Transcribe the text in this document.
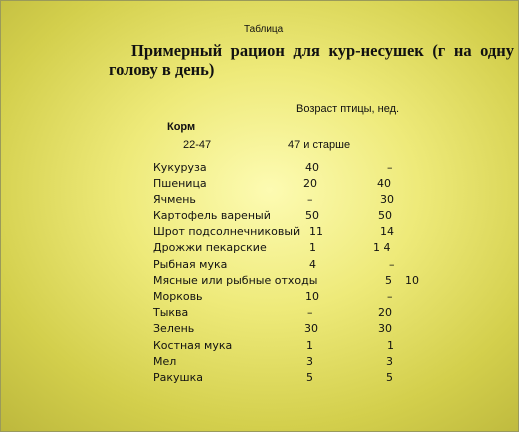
Таблица
Примерный рацион для кур-несушек (г на одну
голову в день)
Возраст птицы, нед.
Корм
22-47	47 и старше
Кукуруза	40	–
Пшеница	20	40
Ячмень	–	30
Картофель вареный	50	50
Шрот подсолнечниковый 11	14
Дрожжи пекарские	1	1 4
Рыбная мука	4	–
Мясные или рыбные отходы	5 10
Морковь	10	–
Тыква	–	20
Зелень	30	30
Костная мука	1	1
Мел	3	3
Ракушка	5	5
